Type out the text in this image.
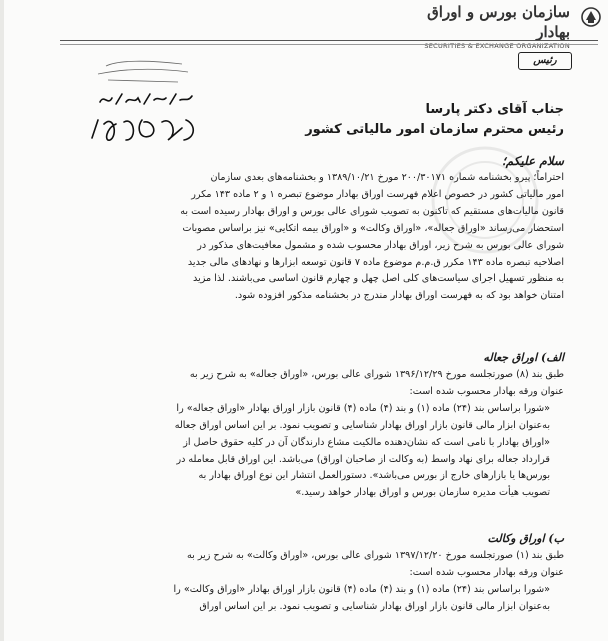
سازمان بورس و اوراق بهادار
SECURITIES & EXCHANGE ORGANIZATION
رئیس
جناب آقای دکتر پارسا
رئیس محترم سازمان امور مالیاتی کشور
سلام علیکم؛

احتراماً؛ پیرو بخشنامه شماره ۲۰۰/۳۰۱۷۱ مورخ ۱۳۸۹/۱۰/۲۱ و بخشنامه‌های بعدی سازمان

امور مالیاتی کشور در خصوص اعلام فهرست اوراق بهادار موضوع تبصره ۱ و ۲ ماده ۱۴۳ مکرر

قانون مالیات‌های مستقیم که تاکنون به تصویب شورای عالی بورس و اوراق بهادار رسیده است به

استحضار می‌رساند «اوراق جعاله»، «اوراق وکالت» و «اوراق بیمه اتکایی» نیز براساس مصوبات

شورای عالی بورس به شرح زیر، اوراق بهادار محسوب شده و مشمول معافیت‌های مذکور در

اصلاحیه تبصره ماده ۱۴۳ مکرر ق.م.م موضوع ماده ۷ قانون توسعه ابزارها و نهادهای مالی جدید

به منظور تسهیل اجرای سیاست‌های کلی اصل چهل و چهارم قانون اساسی می‌باشند. لذا مزید

امتنان خواهد بود که به فهرست اوراق بهادار مندرج در بخشنامه مذکور افزوده شود.

الف) اوراق جعاله

طبق بند (۸) صورتجلسه مورخ ۱۳۹۶/۱۲/۲۹ شورای عالی بورس، «اوراق جعاله» به شرح زیر به

عنوان ورقه بهادار محسوب شده است:

«شورا براساس بند (۲۴) ماده (۱) و بند (۴) ماده (۴) قانون بازار اوراق بهادار «اوراق جعاله» را

به‌عنوان ابزار مالی قانون بازار اوراق بهادار شناسایی و تصویب نمود. بر این اساس اوراق جعاله

«اوراق بهادار با نامی است که نشان‌دهنده مالکیت مشاع دارندگان آن در کلیه حقوق حاصل از

قرارداد جعاله برای نهاد واسط (به وکالت از صاحبان اوراق) می‌باشد. این اوراق قابل معامله در

بورس‌ها یا بازارهای خارج از بورس می‌باشد». دستورالعمل انتشار این نوع اوراق بهادار به

تصویب هیأت مدیره سازمان بورس و اوراق بهادار خواهد رسید.»

ب) اوراق وکالت

طبق بند (۱) صورتجلسه مورخ ۱۳۹۷/۱۲/۲۰ شورای عالی بورس، «اوراق وکالت» به شرح زیر به

عنوان ورقه بهادار محسوب شده است:

«شورا براساس بند (۲۴) ماده (۱) و بند (۴) ماده (۴) قانون بازار اوراق بهادار «اوراق وکالت» را

به‌عنوان ابزار مالی قانون بازار اوراق بهادار شناسایی و تصویب نمود. بر این اساس اوراق
